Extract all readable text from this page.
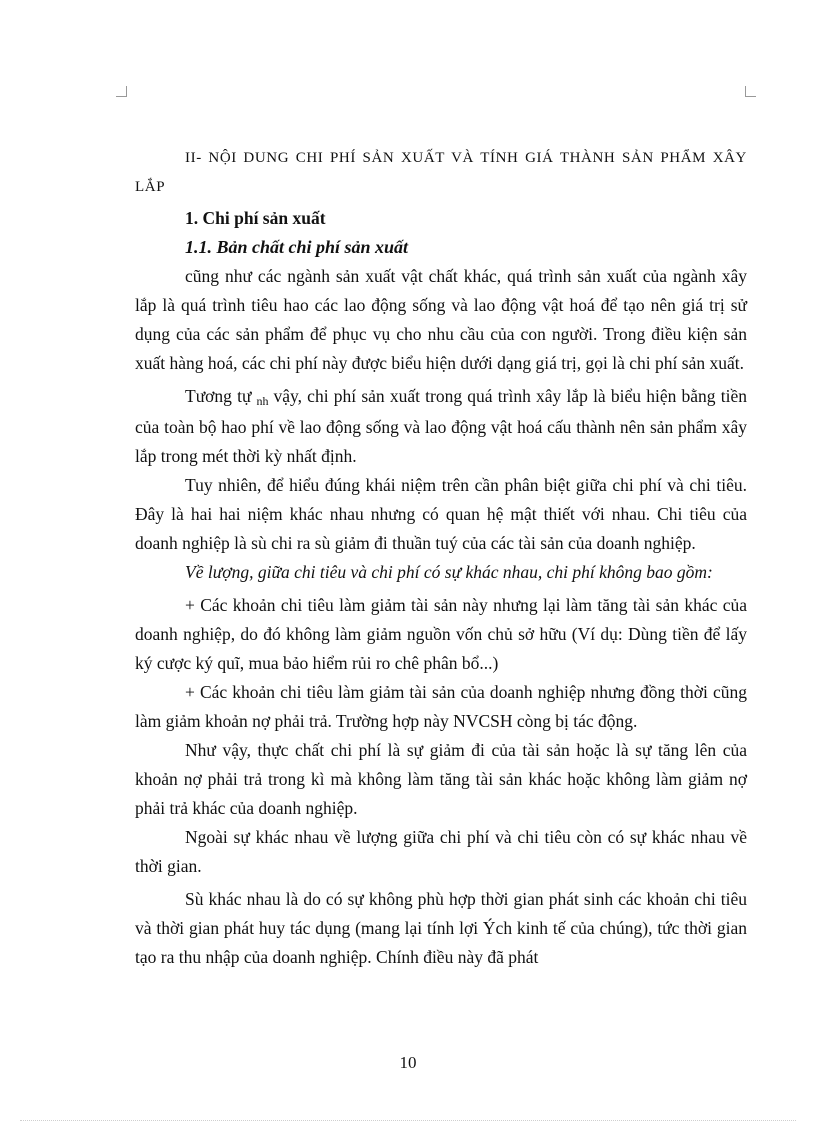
II- NỘI DUNG CHI PHÍ SẢN XUẤT VÀ TÍNH GIÁ THÀNH SẢN PHẨM XÂY LẮP

1. Chi phí sản xuất

1.1. Bản chất chi phí sản xuất

cũng như các ngành sản xuất vật chất khác, quá trình sản xuất của ngành xây lắp là quá trình tiêu hao các lao động sống và lao động vật hoá để tạo nên giá trị sử dụng của các sản phẩm để phục vụ cho nhu cầu của con người. Trong điều kiện sản xuất hàng hoá, các chi phí này được biểu hiện dưới dạng giá trị, gọi là chi phí sản xuất.

Tương tự nh vậy, chi phí sản xuất trong quá trình xây lắp là biểu hiện bằng tiền của toàn bộ hao phí về lao động sống và lao động vật hoá cấu thành nên sản phẩm xây lắp trong mét thời kỳ nhất định.

Tuy nhiên, để hiểu đúng khái niệm trên cần phân biệt giữa chi phí và chi tiêu. Đây là hai hai niệm khác nhau nhưng có quan hệ mật thiết với nhau. Chi tiêu của doanh nghiệp là sù chi ra sù giảm đi thuần tuý của các tài sản của doanh nghiệp.

Về lượng, giữa chi tiêu và chi phí có sự khác nhau, chi phí không bao gồm:

+ Các khoản chi tiêu làm giảm tài sản này nhưng lại làm tăng tài sản khác của doanh nghiệp, do đó không làm giảm nguồn vốn chủ sở hữu (Ví dụ: Dùng tiền để lấy ký cược ký quĩ, mua bảo hiểm rủi ro chê phân bổ...)

+ Các khoản chi tiêu làm giảm tài sản của doanh nghiệp nhưng đồng thời cũng làm giảm khoản nợ phải trả. Trường hợp này NVCSH còng bị tác động.

Như vậy, thực chất chi phí là sự giảm đi của tài sản hoặc là sự tăng lên của khoản nợ phải trả trong kì mà không làm tăng tài sản khác hoặc không làm giảm nợ phải trả khác của doanh nghiệp.

Ngoài sự khác nhau về lượng giữa chi phí và chi tiêu còn có sự khác nhau về thời gian.

Sù khác nhau là do có sự không phù hợp thời gian phát sinh các khoản chi tiêu và thời gian phát huy tác dụng (mang lại tính lợi Ých kinh tế của chúng), tức thời gian tạo ra thu nhập của doanh nghiệp. Chính điều này đã phát

10
